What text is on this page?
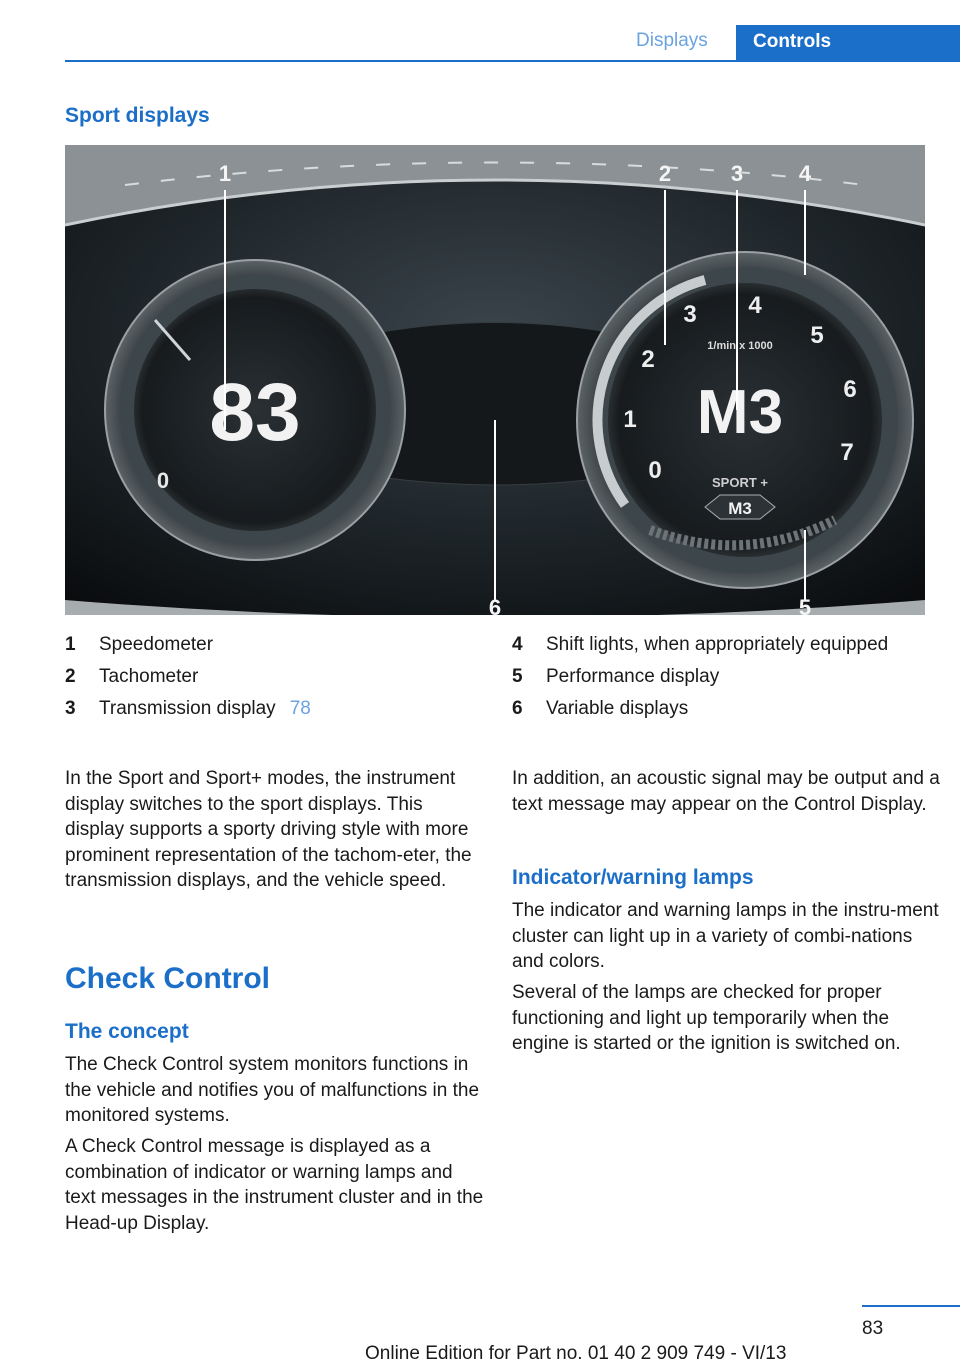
Displays Controls
Sport displays
83
0	0
1
2
3 4
5
6
7
1/min x 1000
M3
SPORT +
M3
1	2	3	4
5
6
1 Speedometer
2 Tachometer
3 Transmission display 78
4 Shift lights, when appropriately equipped
5 Performance display
6 Variable displays
In the Sport and Sport+ modes, the instrument display switches to the sport displays. This display supports a sporty driving style with more prominent representation of the tachom‑eter, the transmission displays, and the vehicle speed.
Check Control
The concept
The Check Control system monitors functions in the vehicle and notifies you of malfunctions in the monitored systems.
A Check Control message is displayed as a combination of indicator or warning lamps and text messages in the instrument cluster and in the Head-up Display.
In addition, an acoustic signal may be output and a text message may appear on the Control Display.
Indicator/warning lamps
The indicator and warning lamps in the instru‑ment cluster can light up in a variety of combi‑nations and colors.
Several of the lamps are checked for proper functioning and light up temporarily when the engine is started or the ignition is switched on.
83
Online Edition for Part no. 01 40 2 909 749 - VI/13
